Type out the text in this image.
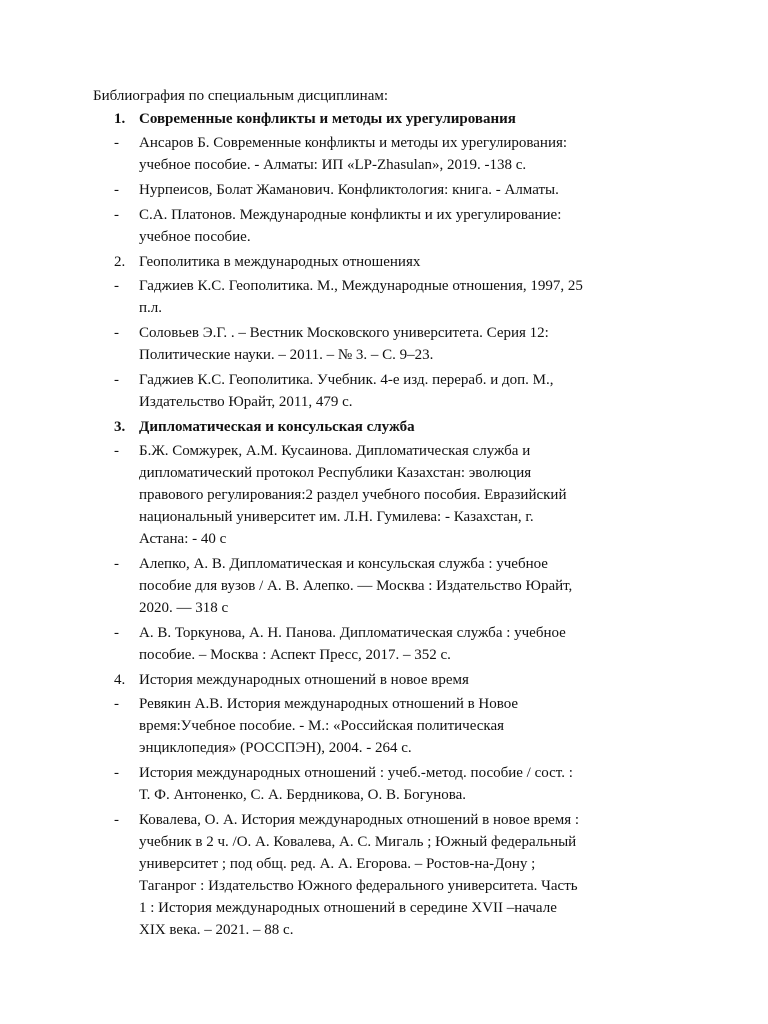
Библиография по специальным дисциплинам:
1. Современные конфликты и методы их урегулирования
-	Ансаров Б. Современные конфликты и методы их урегулирования:
учебное пособие. - Алматы: ИП «LP-Zhasulan», 2019. -138 с.
-	Нурпеисов, Болат Жаманович. Конфликтология: книга. - Алматы.
-	С.А. Платонов. Международные конфликты и их урегулирование:
учебное пособие.
2. Геополитика в международных отношениях
-	Гаджиев К.С. Геополитика. М., Международные отношения, 1997, 25
п.л.
-	Соловьев Э.Г. . – Вестник Московского университета. Серия 12:
Политические науки. – 2011. – № 3. – С. 9–23.
-	Гаджиев К.С. Геополитика. Учебник. 4-е изд. перераб. и доп. М.,
Издательство Юрайт, 2011, 479 с.
3. Дипломатическая и консульская служба
-	Б.Ж. Сомжурек, А.М. Кусаинова. Дипломатическая служба и
дипломатический протокол Республики Казахстан: эволюция
правового регулирования:2 раздел учебного пособия. Евразийский
национальный университет им. Л.Н. Гумилева: - Казахстан, г.
Астана: - 40 с
-	Алепко, А. В. Дипломатическая и консульская служба : учебное
пособие для вузов / А. В. Алепко. — Москва : Издательство Юрайт,
2020. — 318 с
-	А. В. Торкунова, А. Н. Панова. Дипломатическая служба : учебное
пособие. – Москва : Аспект Пресс, 2017. – 352 с.
4. История международных отношений в новое время
-	Ревякин А.В. История международных отношений в Новое
время:Учебное пособие. - М.: «Российская политическая
энциклопедия» (РОССПЭН), 2004. - 264 с.
-	История международных отношений : учеб.-метод. пособие / сост. :
Т. Ф. Антоненко, С. А. Бердникова, О. В. Богунова.
-	Ковалева, О. А. История международных отношений в новое время :
учебник в 2 ч. /О. А. Ковалева, А. С. Мигаль ; Южный федеральный
университет ; под общ. ред. А. А. Егорова. – Ростов-на-Дону ;
Таганрог : Издательство Южного федерального университета. Часть
1 : История международных отношений в середине XVII –начале
XIX века. – 2021. – 88 с.
